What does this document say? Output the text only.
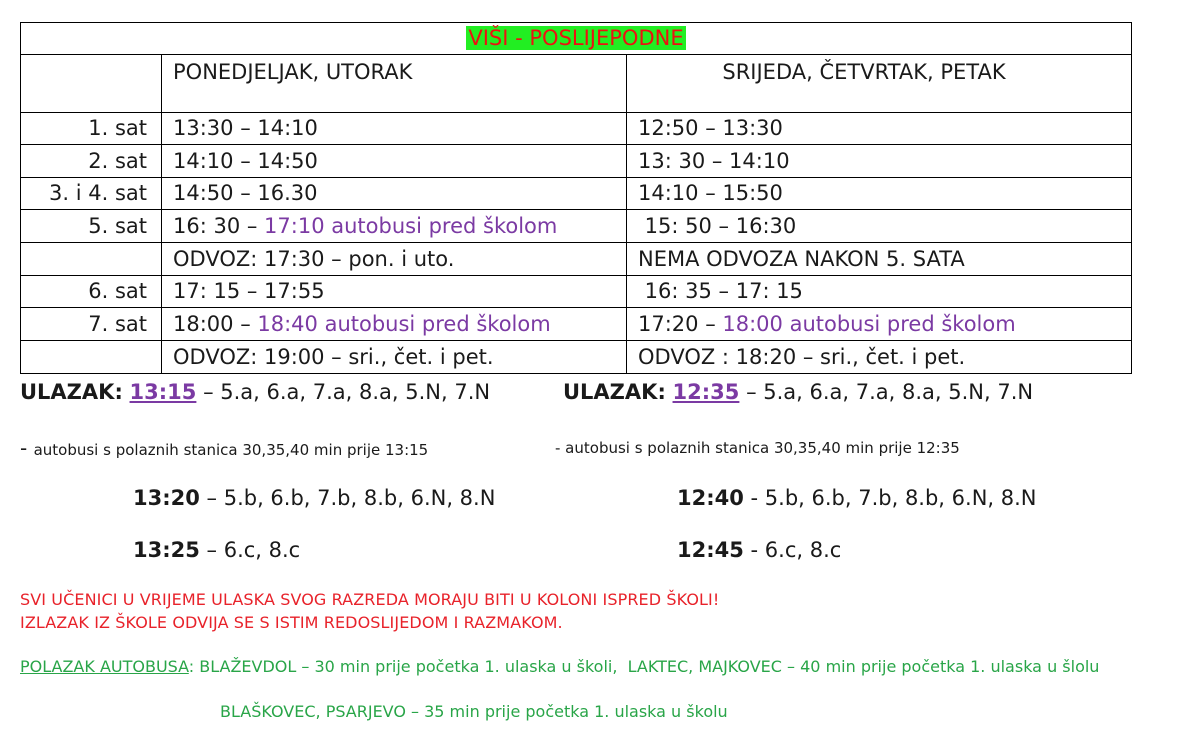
VIŠI - POSLIJEPODNE		
	PONEDJELJAK, UTORAK	SRIJEDA, ČETVRTAK, PETAK
1. sat	13:30 – 14:10	12:50 – 13:30
2. sat	14:10 – 14:50	13: 30 – 14:10
3. i 4. sat	14:50 – 16.30	14:10 – 15:50
5. sat	16: 30 – 17:10 autobusi pred školom	15: 50 – 16:30
	ODVOZ: 17:30 – pon. i uto.	NEMA ODVOZA NAKON 5. SATA
6. sat	17: 15 – 17:55	16: 35 – 17: 15
7. sat	18:00 – 18:40 autobusi pred školom	17:20 – 18:00 autobusi pred školom
	ODVOZ: 19:00 – sri., čet. i pet.	ODVOZ : 18:20 – sri., čet. i pet.
ULAZAK: 13:15 – 5.a, 6.a, 7.a, 8.a, 5.N, 7.N	ULAZAK: 12:35 – 5.a, 6.a, 7.a, 8.a, 5.N, 7.N
- autobusi s polaznih stanica 30,35,40 min prije 13:15	- autobusi s polaznih stanica 30,35,40 min prije 12:35
13:20 – 5.b, 6.b, 7.b, 8.b, 6.N, 8.N
13:25 – 6.c, 8.c
12:40 - 5.b, 6.b, 7.b, 8.b, 6.N, 8.N
12:45 - 6.c, 8.c
SVI UČENICI U VRIJEME ULASKA SVOG RAZREDA MORAJU BITI U KOLONI ISPRED ŠKOLI!
IZLAZAK IZ ŠKOLE ODVIJA SE S ISTIM REDOSLIJEDOM I RAZMAKOM.
POLAZAK AUTOBUSA: BLAŽEVDOL – 30 min prije početka 1. ulaska u školi,  LAKTEC, MAJKOVEC – 40 min prije početka 1. ulaska u šlolu
BLAŠKOVEC, PSARJEVO – 35 min prije početka 1. ulaska u školu
